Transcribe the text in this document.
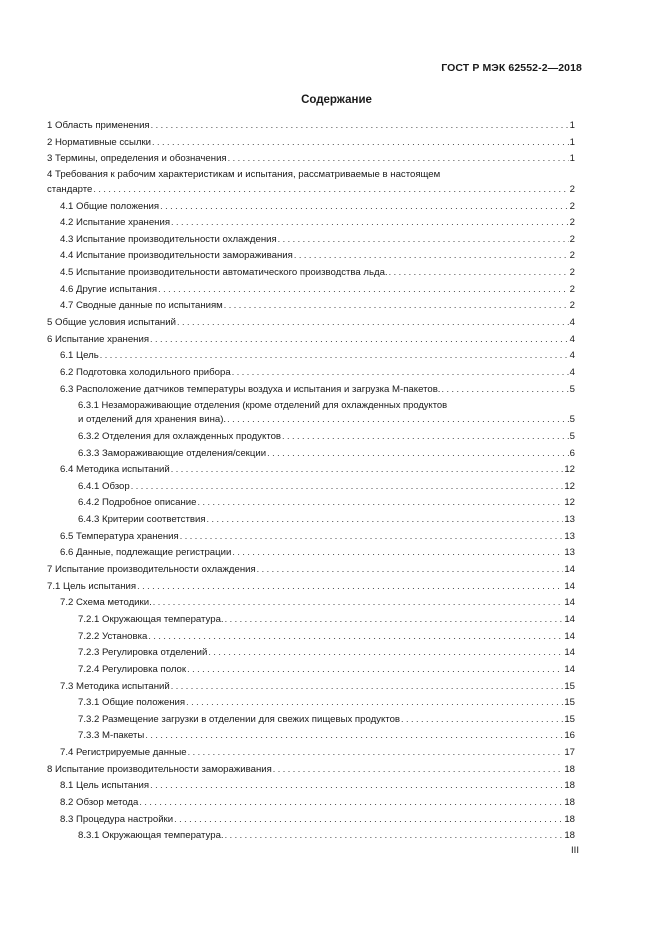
ГОСТ Р МЭК 62552-2—2018
Содержание
1 Область применения . . .	1
2 Нормативные ссылки . . .	1
3 Термины, определения и обозначения . . .	1
4 Требования к рабочим характеристикам и испытания, рассматриваемые в настоящем
стандарте . . .	2
4.1 Общие положения . . .	2
4.2 Испытание хранения . . .	2
4.3 Испытание производительности охлаждения . . .	2
4.4 Испытание производительности замораживания . . .	2
4.5 Испытание производительности автоматического производства льда. . . .	2
4.6 Другие испытания . . .	2
4.7 Сводные данные по испытаниям . . .	2
5 Общие условия испытаний . . .	4
6 Испытание хранения . . .	4
6.1 Цель . . .	4
6.2 Подготовка холодильного прибора . . .	4
6.3 Расположение датчиков температуры воздуха и испытания и загрузка М-пакетов. . . .	5
6.3.1 Незамораживающие отделения (кроме отделений для охлажденных продуктов
и отделений для хранения вина). . . .	5
6.3.2 Отделения для охлажденных продуктов . . .	5
6.3.3 Замораживающие отделения/секции . . .	6
6.4 Методика испытаний . . .	12
6.4.1 Обзор . . .	12
6.4.2 Подробное описание . . .	12
6.4.3 Критерии соответствия . . .	13
6.5 Температура хранения . . .	13
6.6 Данные, подлежащие регистрации . . .	13
7 Испытание производительности охлаждения . . .	14
7.1 Цель испытания . . .	14
7.2 Схема методики. . . .	14
7.2.1 Окружающая температура. . . .	14
7.2.2 Установка . . .	14
7.2.3 Регулировка отделений . . .	14
7.2.4 Регулировка полок . . .	14
7.3 Методика испытаний . . .	15
7.3.1 Общие положения . . .	15
7.3.2 Размещение загрузки в отделении для свежих пищевых продуктов . . .	15
7.3.3 М-пакеты . . .	16
7.4 Регистрируемые данные . . .	17
8 Испытание производительности замораживания . . .	18
8.1 Цель испытания . . .	18
8.2 Обзор метода . . .	18
8.3 Процедура настройки . . .	18
8.3.1 Окружающая температура. . . .	18
III
